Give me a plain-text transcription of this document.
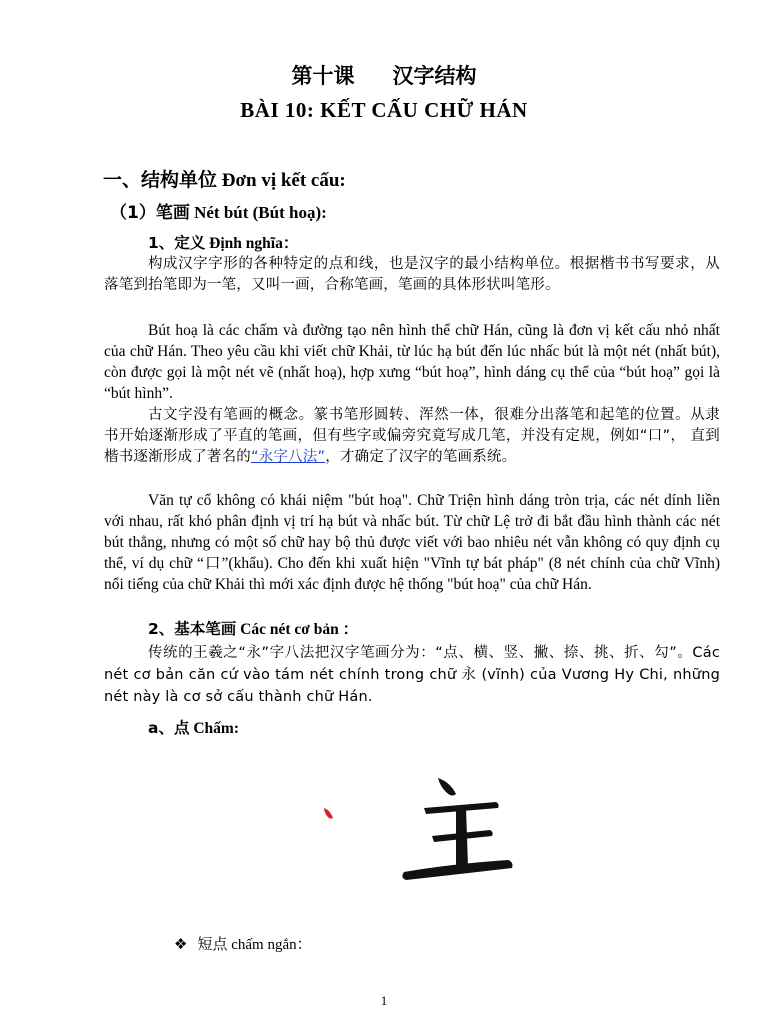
第十课 汉字结构
BÀI 10: KẾT CẤU CHỮ HÁN
一、结构单位 Đơn vị kết cấu:
（1）笔画 Nét bút (Bút hoạ):
1、定义 Định nghĩa：
构成汉字字形的各种特定的点和线，也是汉字的最小结构单位。根据楷书书写要求，从落笔到抬笔即为一笔，又叫一画，合称笔画，笔画的具体形状叫笔形。
Bút hoạ là các chấm và đường tạo nên hình thể chữ Hán, cũng là đơn vị kết cấu nhỏ nhất của chữ Hán. Theo yêu cầu khi viết chữ Khải, từ lúc hạ bút đến lúc nhấc bút là một nét (nhất bút), còn được gọi là một nét vẽ (nhất hoạ), hợp xưng “bút hoạ”, hình dáng cụ thể của “bút hoạ” gọi là “bút hình”.
古文字没有笔画的概念。篆书笔形圆转、浑然一体，很难分出落笔和起笔的位置。从隶书开始逐渐形成了平直的笔画，但有些字或偏旁究竟写成几笔，并没有定规，例如“口”， 直到楷书逐渐形成了著名的“永字八法”，才确定了汉字的笔画系统。
Văn tự cổ không có khái niệm "bút hoạ". Chữ Triện hình dáng tròn trịa, các nét dính liền với nhau, rất khó phân định vị trí hạ bút và nhấc bút. Từ chữ Lệ trở đi bắt đầu hình thành các nét bút thẳng, nhưng có một số chữ hay bộ thủ được viết với bao nhiêu nét vẫn không có quy định cụ thể, ví dụ chữ “口”(khẩu). Cho đến khi xuất hiện "Vĩnh tự bát pháp" (8 nét chính của chữ Vĩnh) nổi tiếng của chữ Khải thì mới xác định được hệ thống "bút hoạ" của chữ Hán.
2、基本笔画 Các nét cơ bản ：
传统的王羲之“永”字八法把汉字笔画分为：“点、横、竖、撇、捺、挑、折、勾”。Các nét cơ bản căn cứ vào tám nét chính trong chữ 永 (vĩnh) của Vương Hy Chi, những nét này là cơ sở cấu thành chữ Hán.
a、点 Chấm:
❖ 短点 chấm ngắn：
1
